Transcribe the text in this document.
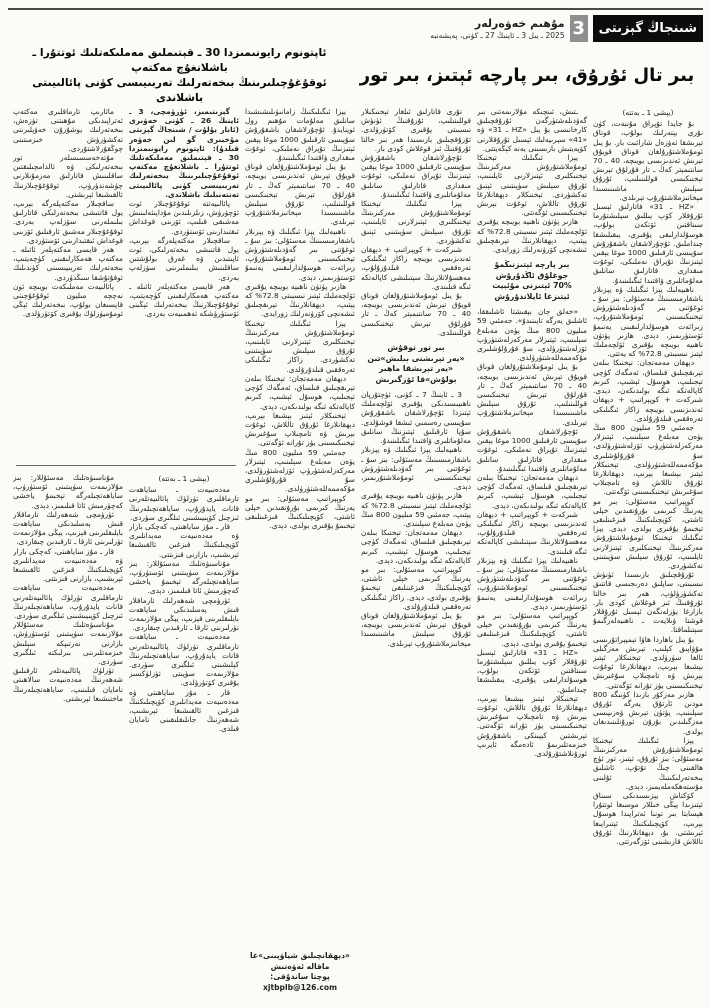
شىنجاڭ گېزىتى
3
مۇھىم خەۋەرلەر
2025 ـ يىل 3 ـ ئاينىڭ 27 ـ كۈنى، پەيشەنبە
بىر تال ئۇرۇق، بىر پارچە ئېتىز، بىر تور
ئاپتونوم رايونىمىزدا 30 ـ قېتىملىق مەملىكەتلىك ئوتتۇرا ـ باشلانغۇچ مەكتەپ
ئوقۇغۇچىلىرىنىڭ بىخەتەرلىك تەربىيىسى كۈنى پائالىيىتى باشلاندى

(بېشى 1 ـ بەتتە)

بۇ جايدا تۇپراق مۇنبەت، كۈن نۇرى يېتەرلىك بولۇپ، قوناق تېرىشقا ئەۋزەل شارائىت بار. بۇ يىل ئومۇملاشتۇرۇلغان قوناق قويۇق تېرىش ئەندىزىسى بويىچە، 40 ـ 70 سانتىمېتر كەڭ ـ تار قۇرلۇق تېرىش تېخنىكىسى قوللىنىلىپ، ئۇرۇق سېلىش ماشىنىسىدا مېخانىزملاشتۇرۇپ تېرىلدى.

«HZ ـ 31» قاتارلىق ئېسىل ئۇرۇقلار كۆپ يىللىق سېلىشتۇرما سىناقتىن ئۆتكەن بولۇپ، ھوسۇلدارلىقى يۇقىرى، يىقىلىشقا چىداملىق. ئۇچۇرلاشقان باشقۇرۇش سۇپىسى ئارقىلىق 1000 موغا يېقىن ئېتىزنىڭ تۇپراق نەملىكى، ئوغۇت مىقدارى قاتارلىق سانلىق مەلۇماتلىرى ۋاقتىدا ئىگىلىنىدۇ.

ناھىيەلىك يېزا ئىگىلىك ۋە يېزىلار باشقارمىسىنىڭ مەسئۇلى: بىز سۇ ـ ئوغۇتنى بىر گەۋدىلەشتۈرۈش تېخنىكىسىنى ئومۇملاشتۇرۇپ، زىرائەت ھوسۇلدارلىقىنى يەنىمۇ ئۆستۈرىمىز، دېدى. ھازىر پۈتۈن ناھىيە بويىچە يۇقىرى ئۆلچەملىك ئېتىز نىسبىتى 72.8% كە يەتتى.

دېھقان مەمەتجان: تېخنىكا بىلەن تېرىقچىلىق قىلساق، ئەمگەك كۈچى تېجىلىپ، ھوسۇل ئېشىپ، كىرىم كاپالەتكە ئىگە بولىدىكەن، دېدى. شىركەت + كوپېراتىپ + دېھقان ئەندىزىسى بويىچە زاكاز ئىگىلىكى تەرەققىي قىلدۇرۇلدى.

جەمئىي 59 مىليون 800 مىڭ يۈەن مەبلەغ سېلىنىپ، ئېتىزلار مەركەزلەشتۈرۈپ ئۆزلەشتۈرۈلدى، سۇ قۇرۇلۇشلىرى مۇكەممەللەشتۈرۈلدى. تېخنىكلار ئېتىز بېشىغا بېرىپ، دېھقانلارغا ئۇرۇق تاللاش ۋە تامچىلاپ سۇغىرىش تېخنىكىسىنى ئۆگەتتى.

كوپېراتىپ مەسئۇلى: بىر مو يەرنىڭ كىرىمى بۇرۇنقىدىن خېلى ئاشتى، كۆپچىلىكنىڭ قىزغىنلىقى تېخىمۇ يۇقىرى بولدى، دېدى. يېزا ئىگىلىك تېخنىكا ئومۇملاشتۇرۇش مەركىزىنىڭ تېخنىكلىرى ئېتىزلارنى ئايلىنىپ، ئۇرۇق سېلىش سۈپىتىنى تەكشۈردى.

ئۇرۇقچىلىق بازىسىدا ئۈنۈش نىسبىتى، ساپلىق دەرىجىسى قاتتىق تەكشۈرۈلۈپ، ھەر بىر خالتا ئۇرۇقنىڭ ئىز قوغلاش كودى بار. بازارغا يۈزلەنگەن ئېسىل ئۇرۇقلار قوشنا ۋىلايەت ـ ناھىيەلەرگىمۇ سېتىلماقتا.

بۇ يىل باھاردا ھاۋا تېمپېراتۇرىسى مۇۋاپىق كېلىپ، تېرىش مەزگىلى ئالغا سۈرۈلدى. تېخنىكلار ئېتىز بېشىغا بېرىپ، دېھقانلارغا ئوغۇت بېرىش ۋە تامچىلاپ سۇغىرىش تېخنىكىسىنى يۈز تۇرانە ئۆگەتتى.

ھازىر مەزكۇر بازىدا كۈنىگە 800 مودىن ئارتۇق يەرگە ئۇرۇق سېلىنىپ، پۈتۈن تېرىش ۋەزىپىسى مەزگىلىدىن بۇرۇن ئورۇنلىنىدىغان بولدى.

يېزا ئىگىلىك تېخنىكا ئومۇملاشتۇرۇش مەركىزىنىڭ مەسئۇلى: بىز ئۇرۇق، ئېتىز، تور ئۈچ ھالقىنى چىڭ تۇتۇپ، ئاشلىق بىخەتەرلىكىنىڭ ئۇلىنى مۇستەھكەملەيمىز، دېدى.

كۆكتاش يېزىسىدىكى سىناق ئېتىزىدا يېڭى خىللار موسىغا ئوتتۇرا ھېسابتا بىر توننا ئەتراپىدا ھوسۇل بېرىپ، كۆپچىلىكنىڭ ئېتىراپىغا ئېرىشتى. بۇ، دېھقانلارنىڭ ئۇرۇق تاللاش قارىشىنى ئۆزگەرتتى.

ـتىش، ئىنچىكە مۇلازىمەتنى بىر گەۋدىلەشتۈرگەن ئۇرۇقچىلىق كارخانىسى بۇ يىل «HZ ـ 31» ۋە «41» سېرىيەلىك ئېسىل ئۇرۇقلارنى كۆپەيتىش بازىسىنى يەنە كېڭەيتتى.

يېزا ئىگىلىك تېخنىكا ئومۇملاشتۇرۇش مەركىزىنىڭ تېخنىكلىرى ئېتىزلارنى ئايلىنىپ، ئۇرۇق سېلىش سۈپىتىنى ئېنىق تەكشۈردى. تېخنىكلار دېھقانلارغا ئۇرۇق تاللاش، ئوغۇت بېرىش تېخنىكىسىنى ئۆگەتتى.

ھازىر پۈتۈن ناھىيە بويىچە يۇقىرى ئۆلچەملىك ئېتىز نىسبىتى 72.8% كە يېتىپ، دېھقانلارنىڭ تېرىقچىلىق ئىشەنچى كۆرۈنەرلىك زورايدى.

بىر پارچە ئېتىزنىڭمۇ جوغلۇق ئاڭدۇرۇش

70% ئېتىزنى مۇئېيت ئېتىزغا ئايلاندۇرۇش

«خەلق جان بېقىشتا ئاشلىققا، ئاشلىق يەرگە تايىنىدۇ». جەمئىي 59 مىليون 800 مىڭ يۈەن مەبلەغ سېلىنىپ، ئېتىزلار مەركەزلەشتۈرۈپ ئۆزلەشتۈرۈلدى، سۇ قۇرۇلۇشلىرى مۇكەممەللەشتۈرۈلدى.

بۇ يىل ئومۇملاشتۇرۇلغان قوناق قويۇق تېرىش ئەندىزىسى بويىچە، 40 ـ 70 سانتىمېتر كەڭ ـ تار قۇرلۇق تېرىش تېخنىكىسى قوللىنىلىپ، ئۇرۇق سېلىش ماشىنىسىدا مېخانىزملاشتۇرۇپ تېرىلدى.

ئۇچۇرلاشقان باشقۇرۇش سۇپىسى ئارقىلىق 1000 موغا يېقىن ئېتىزنىڭ تۇپراق نەملىكى، ئوغۇت مىقدارى قاتارلىق سانلىق مەلۇماتلىرى ۋاقتىدا ئىگىلىنىدۇ.

دېھقان مەمەتجان: تېخنىكا بىلەن تېرىقچىلىق قىلساق، ئەمگەك كۈچى تېجىلىپ، ھوسۇل ئېشىپ، كىرىم كاپالەتكە ئىگە بولىدىكەن، دېدى.

شىركەت + كوپېراتىپ + دېھقان ئەندىزىسى بويىچە زاكاز ئىگىلىكى تەرەققىي قىلدۇرۇلۇپ، مەھسۇلاتلارنىڭ سېتىلىشى كاپالەتكە ئىگە قىلىندى.

ناھىيەلىك يېزا ئىگىلىك ۋە يېزىلار باشقارمىسىنىڭ مەسئۇلى: بىز سۇ ـ ئوغۇتنى بىر گەۋدىلەشتۈرۈش تېخنىكىسىنى ئومۇملاشتۇرۇپ، زىرائەت ھوسۇلدارلىقىنى يەنىمۇ ئۆستۈرىمىز، دېدى.

كوپېراتىپ مەسئۇلى: بىر مو يەرنىڭ كىرىمى بۇرۇنقىدىن خېلى ئاشتى، كۆپچىلىكنىڭ قىزغىنلىقى تېخىمۇ يۇقىرى بولدى، دېدى.

«HZ ـ 31» قاتارلىق ئېسىل ئۇرۇقلار كۆپ يىللىق سېلىشتۇرما سىناقتىن ئۆتكەن بولۇپ، ھوسۇلدارلىقى يۇقىرى، يىقىلىشقا چىداملىق.

تېخنىكلار ئېتىز بېشىغا بېرىپ، دېھقانلارغا ئۇرۇق تاللاش، ئوغۇت بېرىش ۋە تامچىلاپ سۇغىرىش تېخنىكىسىنى يۈز تۇرانە ئۆگەتتى. تېرىشتىن كېيىنكى باشقۇرۇش خىزمەتلىرىمۇ ئادەمگە ئايرىپ ئورۇنلاشتۇرۇلدى.

نۇرى قاتارلىق ئىلغار تېخنىكىلار قوللىنىلىپ، ئۇرۇقنىڭ ئۈنۈش نىسبىتى يۇقىرى كۆتۈرۈلدى. ئۇرۇقچىلىق بازىسىدا ھەر بىر خالتا ئۇرۇقنىڭ ئىز قوغلاش كودى بار.

ئۇچۇرلاشقان باشقۇرۇش سۇپىسى ئارقىلىق 1000 موغا يېقىن ئېتىزنىڭ تۇپراق نەملىكى، ئوغۇت مىقدارى قاتارلىق سانلىق مەلۇماتلىرى ۋاقتىدا ئىگىلىنىدۇ.

يېزا ئىگىلىك تېخنىكا ئومۇملاشتۇرۇش مەركىزىنىڭ تېخنىكلىرى ئېتىزلارنى ئايلىنىپ، ئۇرۇق سېلىش سۈپىتىنى ئېنىق تەكشۈردى.

شىركەت + كوپېراتىپ + دېھقان ئەندىزىسى بويىچە زاكاز ئىگىلىكى تەرەققىي قىلدۇرۇلۇپ، مەھسۇلاتلارنىڭ سېتىلىشى كاپالەتكە ئىگە قىلىندى.

بۇ يىل ئومۇملاشتۇرۇلغان قوناق قويۇق تېرىش ئەندىزىسى بويىچە، 40 ـ 70 سانتىمېتر كەڭ ـ تار قۇرلۇق تېرىش تېخنىكىسى قوللىنىلدى.

بىر تور توقۇش

«يەر تېرىشنى بىلىش»تىن «يەر تېرىشقا ماھىر بولۇش»قا ئۆزگىرىش

3 ـ ئاينىڭ 7 ـ كۈنى، ئۈچتۇرپان ناھىيىسىدىكى يۇقىرى ئۆلچەملىك ئېتىزدا ئۇچۇرلاشقان باشقۇرۇش سۇپىسى رەسمىي ئىشقا قوشۇلدى. سۇپا ئارقىلىق ئېتىزنىڭ سانلىق مەلۇماتلىرى ۋاقتىدا ئىگىلىنىدۇ.

ناھىيەلىك يېزا ئىگىلىك ۋە يېزىلار باشقارمىسىنىڭ مەسئۇلى: بىز سۇ ـ ئوغۇتنى بىر گەۋدىلەشتۈرۈش تېخنىكىسىنى ئومۇملاشتۇرىمىز، دېدى.

ھازىر پۈتۈن ناھىيە بويىچە يۇقىرى ئۆلچەملىك ئېتىز نىسبىتى 72.8% كە يېتىپ، جەمئىي 59 مىليون 800 مىڭ يۈەن مەبلەغ سېلىندى.

دېھقان مەمەتجان: تېخنىكا بىلەن تېرىقچىلىق قىلساق، ئەمگەك كۈچى تېجىلىپ، ھوسۇل ئېشىپ، كىرىم كاپالەتكە ئىگە بولىدىكەن، دېدى.

كوپېراتىپ مەسئۇلى: بىر مو يەرنىڭ كىرىمى خېلى ئاشتى، كۆپچىلىكنىڭ قىزغىنلىقى تېخىمۇ يۇقىرى بولدى، دېدى. زاكاز ئىگىلىكى تەرەققىي قىلدۇرۇلدى.

بۇ يىل ئومۇملاشتۇرۇلغان قوناق قويۇق تېرىش ئەندىزىسى بويىچە، ئۇرۇق سېلىش ماشىنىسىدا مېخانىزملاشتۇرۇپ تېرىلدى.

يېزا ئىگىلىكنىڭ زامانىۋىلىشىشىدا سانلىق مەلۇمات مۇھىم رول ئوينايدۇ. ئۇچۇرلاشقان باشقۇرۇش سۇپىسى ئارقىلىق 1000 موغا يېقىن ئېتىزنىڭ تۇپراق نەملىكى، ئوغۇت مىقدارى ۋاقتىدا ئىگىلىنىدۇ.

بۇ يىل ئومۇملاشتۇرۇلغان قوناق قويۇق تېرىش ئەندىزىسى بويىچە، 40 ـ 70 سانتىمېتر كەڭ ـ تار قۇرلۇق تېرىش تېخنىكىسى قوللىنىلىپ، ئۇرۇق سېلىش ماشىنىسىدا مېخانىزملاشتۇرۇپ تېرىلدى.

ناھىيەلىك يېزا ئىگىلىك ۋە يېزىلار باشقارمىسىنىڭ مەسئۇلى: بىز سۇ ـ ئوغۇتنى بىر گەۋدىلەشتۈرۈش تېخنىكىسىنى ئومۇملاشتۇرۇپ، زىرائەت ھوسۇلدارلىقىنى يەنىمۇ ئۆستۈرىمىز، دېدى.

ھازىر پۈتۈن ناھىيە بويىچە يۇقىرى ئۆلچەملىك ئېتىز نىسبىتى 72.8% كە يېتىپ، دېھقانلارنىڭ تېرىقچىلىق ئىشەنچى كۆرۈنەرلىك زورايدى.

يېزا ئىگىلىك تېخنىكا ئومۇملاشتۇرۇش مەركىزىنىڭ تېخنىكلىرى ئېتىزلارنى ئايلىنىپ، ئۇرۇق سېلىش سۈپىتىنى تەكشۈردى. زاكاز ئىگىلىكى تەرەققىي قىلدۇرۇلدى.

دېھقان مەمەتجان: تېخنىكا بىلەن تېرىقچىلىق قىلساق، ئەمگەك كۈچى تېجىلىپ، ھوسۇل ئېشىپ، كىرىم كاپالەتكە ئىگە بولىدىكەن، دېدى.

تېخنىكلار ئېتىز بېشىغا بېرىپ، دېھقانلارغا ئۇرۇق تاللاش، ئوغۇت بېرىش ۋە تامچىلاپ سۇغىرىش تېخنىكىسىنى يۈز تۇرانە ئۆگەتتى.

جەمئىي 59 مىليون 800 مىڭ يۈەن مەبلەغ سېلىنىپ، ئېتىزلار مەركەزلەشتۈرۈپ ئۆزلەشتۈرۈلدى، سۇ قۇرۇلۇشلىرى مۇكەممەللەشتۈرۈلدى.

كوپېراتىپ مەسئۇلى: بىر مو يەرنىڭ كىرىمى بۇرۇنقىدىن خېلى ئاشتى، كۆپچىلىكنىڭ قىزغىنلىقى تېخىمۇ يۇقىرى بولدى، دېدى.

«دېھقانچىلىق شياۋپىنى»غا ماقالە ئەۋەتىش

پوچتا ساندۇقى: xjtbplb@126.com

گېزىتىمىز، ئۈرۈمچى، 3 ـ ئاينىڭ 26 ـ كۈنى خەۋىرى (ئانار بۇلۇت / شىنجاڭ گېزىتى مۇخبىرى گو لىن خەۋەر قىلدۇ): ئاپتونوم رايونىمىزدا 30 ـ قېتىملىق مەملىكەتلىك ئوتتۇرا ـ باشلانغۇچ مەكتەپ ئوقۇغۇچىلىرىنىڭ بىخەتەرلىك تەربىيىسى كۈنى پائالىيىتى تەنتەنىلىك باشلاندى.

پائالىيەتتە ئوقۇغۇچىلار ئوت ئۆچۈرۈش، زىلزىلىدىن مۇداپىئەلىنىش مەشىقى قىلىپ، ئۆزىنى قوغداش ئىقتىدارىنى ئۆستۈردى.

ساقچىلار مەكتەپلەرگە بېرىپ، يول قاتنىشى بىخەتەرلىكى، ئوت ئاپىتىدىن ۋە غەرق بولۇشتىن ساقلىنىش بىلىملىرىنى سۆزلەپ بەردى.

ھەر قايسى مەكتەپلەر ئائىلە ـ مەكتەپ ھەمكارلىقىنى كۈچەيتىپ، ئوقۇغۇچىلارنىڭ بىخەتەرلىك ئېڭىنى ئۆستۈرۈشكە ئەھمىيەت بەردى.

مائارىپ تارماقلىرى مەكتەپ ئەتراپىدىكى مۇھىتنى تۈزەش، بىخەتەرلىك يوشۇرۇن خەۋپلىرىنى تەكشۈرۈش خىزمىتىنى چوڭقۇرلاشتۇردى.

مۇتەخەسسىسلەر تور بىخەتەرلىكى ۋە ئالدامچىلىقتىن ساقلىنىش قاتارلىق مەزمۇنلارنى چۈشەندۈرۈپ، ئوقۇغۇچىلارنىڭ ئالقىشىغا ئېرىشتى.

ساقچىلار مەكتەپلەرگە بېرىپ، يول قاتنىشى بىخەتەرلىكى قاتارلىق بىلىملەرنى سۆزلەپ بەردى. ئوقۇغۇچىلار مەشىق ئارقىلىق ئۆزىنى قوغداش ئىقتىدارىنى ئۆستۈردى.

ھەر قايسى مەكتەپلەر ئائىلە ـ مەكتەپ ھەمكارلىقىنى كۈچەيتىپ، بىخەتەرلىك تەربىيىسىنى كۈندىلىك ئوقۇتۇشقا سىڭدۈردى.

پائالىيەت مەملىكەت بويىچە ئون نەچچە مىليون ئوقۇغۇچىنى قاپسىغان بولۇپ، بىخەتەرلىك ئېڭى ئومۇميۈزلۈك يۇقىرى كۆتۈرۈلدى.

(بېشى 1 ـ بەتتە)

مەدەنىيەت ـ ساياھەت تارماقلىرى تۈرلۈك پائالىيەتلەرنى قانات يايدۇرۇپ، ساياھەتچىلەرنىڭ ئىزچىل كۆپىيىشىنى ئىلگىرى سۈردى.

قار ـ مۇز ساياھىتى، كەچكى بازار ۋە مەدەنىيەت مەيدانلىرى كۆپچىلىكنىڭ قىزغىن ئالقىشىغا ئېرىشىپ، بازارنى قىزىتتى.

مۇناسىۋەتلىك مەسئۇللار: بىز مۇلازىمەت سۈپىتىنى ئۆستۈرۈپ، ساياھەتچىلەرگە تېخىمۇ ياخشى كەچۈرمىش ئاتا قىلىمىز، دېدى.

ئۈرۈمچى شەھەرلىك تارماقلار قىش پەسلىدىكى ساياھەت بايلىقلىرىنى قېزىپ، يېڭى مۇلازىمەت تۈرلىرىنى ئارقا ـ ئارقىدىن چىقاردى.

مەدەنىيەت ـ ساياھەت تارماقلىرى تۈرلۈك پائالىيەتلەرنى قانات يايدۇرۇپ، ساياھەتچىلەرنىڭ كېلىشىنى ئىلگىرى سۈردى. مۇلازىمەت سۈپىتى ئۈزلۈكسىز يۇقىرى كۆتۈرۈلدى.

قار ـ مۇز ساياھىتى ۋە مەدەنىيەت مەيدانلىرى كۆپچىلىكنىڭ قىزغىن ئالقىشىغا ئېرىشىپ، شەھەرنىڭ جانلىقلىقىنى نامايان قىلدى.

مۇناسىۋەتلىك مەسئۇللار: بىز مۇلازىمەت سۈپىتىنى ئۆستۈرۈپ، ساياھەتچىلەرگە تېخىمۇ ياخشى كەچۈرمىش ئاتا قىلىمىز، دېدى.

ئۈرۈمچى شەھەرلىك تارماقلار قىش پەسلىدىكى ساياھەت بايلىقلىرىنى قېزىپ، يېڭى مۇلازىمەت تۈرلىرىنى ئارقا ـ ئارقىدىن چىقاردى.

قار ـ مۇز ساياھىتى، كەچكى بازار ۋە مەدەنىيەت مەيدانلىرى كۆپچىلىكنىڭ قىزغىن ئالقىشىغا ئېرىشىپ، بازارنى قىزىتتى.

مەدەنىيەت ـ ساياھەت تارماقلىرى تۈرلۈك پائالىيەتلەرنى قانات يايدۇرۇپ، ساياھەتچىلەرنىڭ ئىزچىل كۆپىيىشىنى ئىلگىرى سۈردى.

مۇناسىۋەتلىك مەسئۇللار مۇلازىمەت سۈپىتىنى ئۆستۈرۈش، بازارنى تەرتىپكە سېلىش خىزمەتلىرىنى بىرلىكتە ئىلگىرى سۈردى.

تۈرلۈك پائالىيەتلەر ئارقىلىق شەھەرنىڭ مەدەنىيەت سالاھىتى نامايان قىلىنىپ، ساياھەتچىلەرنىڭ ماختىشىغا ئېرىشتى.
